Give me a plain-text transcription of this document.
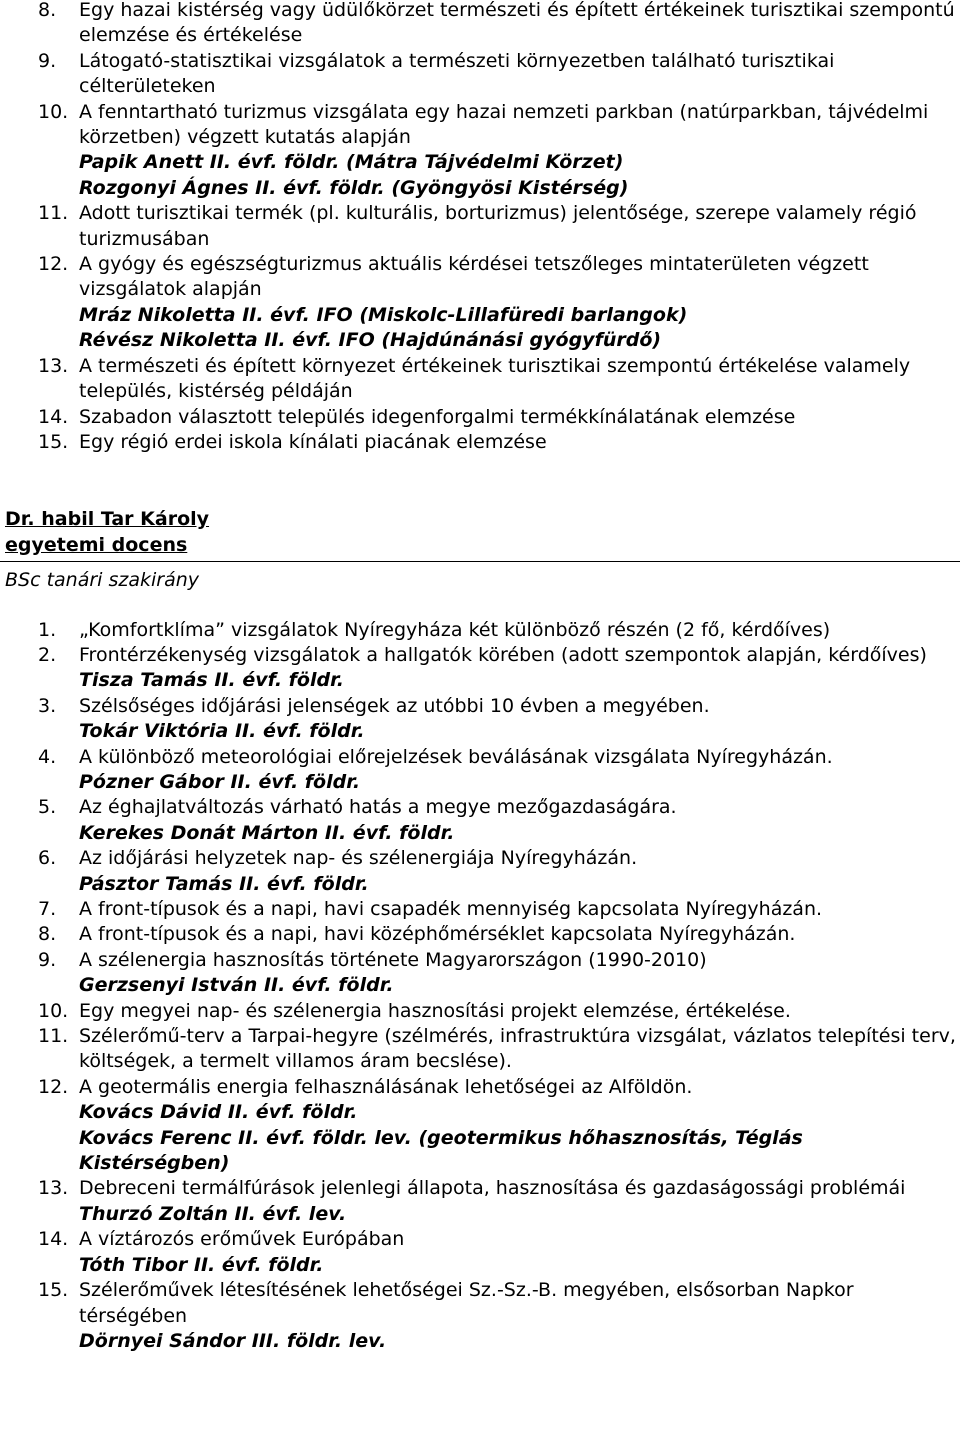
8.	Egy hazai kistérség vagy üdülőkörzet természeti és épített értékeinek turisztikai szempontú elemzése és értékelése
9.	Látogató-statisztikai vizsgálatok a természeti környezetben található turisztikai célterületeken
10. A fenntartható turizmus vizsgálata egy hazai nemzeti parkban (natúrparkban, tájvédelmi körzetben) végzett kutatás alapján
Papik Anett II. évf. földr. (Mátra Tájvédelmi Körzet)
Rozgonyi Ágnes II. évf. földr. (Gyöngyösi Kistérség)
11. Adott turisztikai termék (pl. kulturális, borturizmus) jelentősége, szerepe valamely régió turizmusában
12. A gyógy és egészségturizmus aktuális kérdései tetszőleges mintaterületen végzett vizsgálatok alapján
Mráz Nikoletta II. évf. IFO (Miskolc-Lillafüredi barlangok)
Révész Nikoletta II. évf. IFO (Hajdúnánási gyógyfürdő)
13. A természeti és épített környezet értékeinek turisztikai szempontú értékelése valamely település, kistérség példáján
14. Szabadon választott település idegenforgalmi termékkínálatának elemzése
15. Egy régió erdei iskola kínálati piacának elemzése
Dr. habil Tar Károly
egyetemi docens
BSc tanári szakirány
1.	„Komfortklíma” vizsgálatok Nyíregyháza két különböző részén (2 fő, kérdőíves)
2.	Frontérzékenység vizsgálatok a hallgatók körében (adott szempontok alapján, kérdőíves)
Tisza Tamás II. évf. földr.
3.	Szélsőséges időjárási jelenségek az utóbbi 10 évben a megyében.
Tokár Viktória II. évf. földr.
4.	A különböző meteorológiai előrejelzések beválásának vizsgálata Nyíregyházán.
Pózner Gábor II. évf. földr.
5.	Az éghajlatváltozás várható hatás a megye mezőgazdaságára.
Kerekes Donát Márton II. évf. földr.
6.	Az időjárási helyzetek nap- és szélenergiája Nyíregyházán.
Pásztor Tamás II. évf. földr.
7.	A front-típusok és a napi, havi csapadék mennyiség kapcsolata Nyíregyházán.
8.	A front-típusok és a napi, havi középhőmérséklet kapcsolata Nyíregyházán.
9.	A szélenergia hasznosítás története Magyarországon (1990-2010)
Gerzsenyi István II. évf. földr.
10. Egy megyei nap- és szélenergia hasznosítási projekt elemzése, értékelése.
11. Szélerőmű-terv a Tarpai-hegyre (szélmérés, infrastruktúra vizsgálat, vázlatos telepítési terv, költségek, a termelt villamos áram becslése).
12. A geotermális energia felhasználásának lehetőségei az Alföldön.
Kovács Dávid II. évf. földr.
Kovács Ferenc II. évf. földr. lev. (geotermikus hőhasznosítás, Téglás Kistérségben)
13. Debreceni termálfúrások jelenlegi állapota, hasznosítása és gazdaságossági problémái
Thurzó Zoltán II. évf. lev.
14. A víztározós erőművek Európában
Tóth Tibor II. évf. földr.
15. Szélerőművek létesítésének lehetőségei Sz.-Sz.-B. megyében, elsősorban Napkor térségében
Dörnyei Sándor III. földr. lev.
